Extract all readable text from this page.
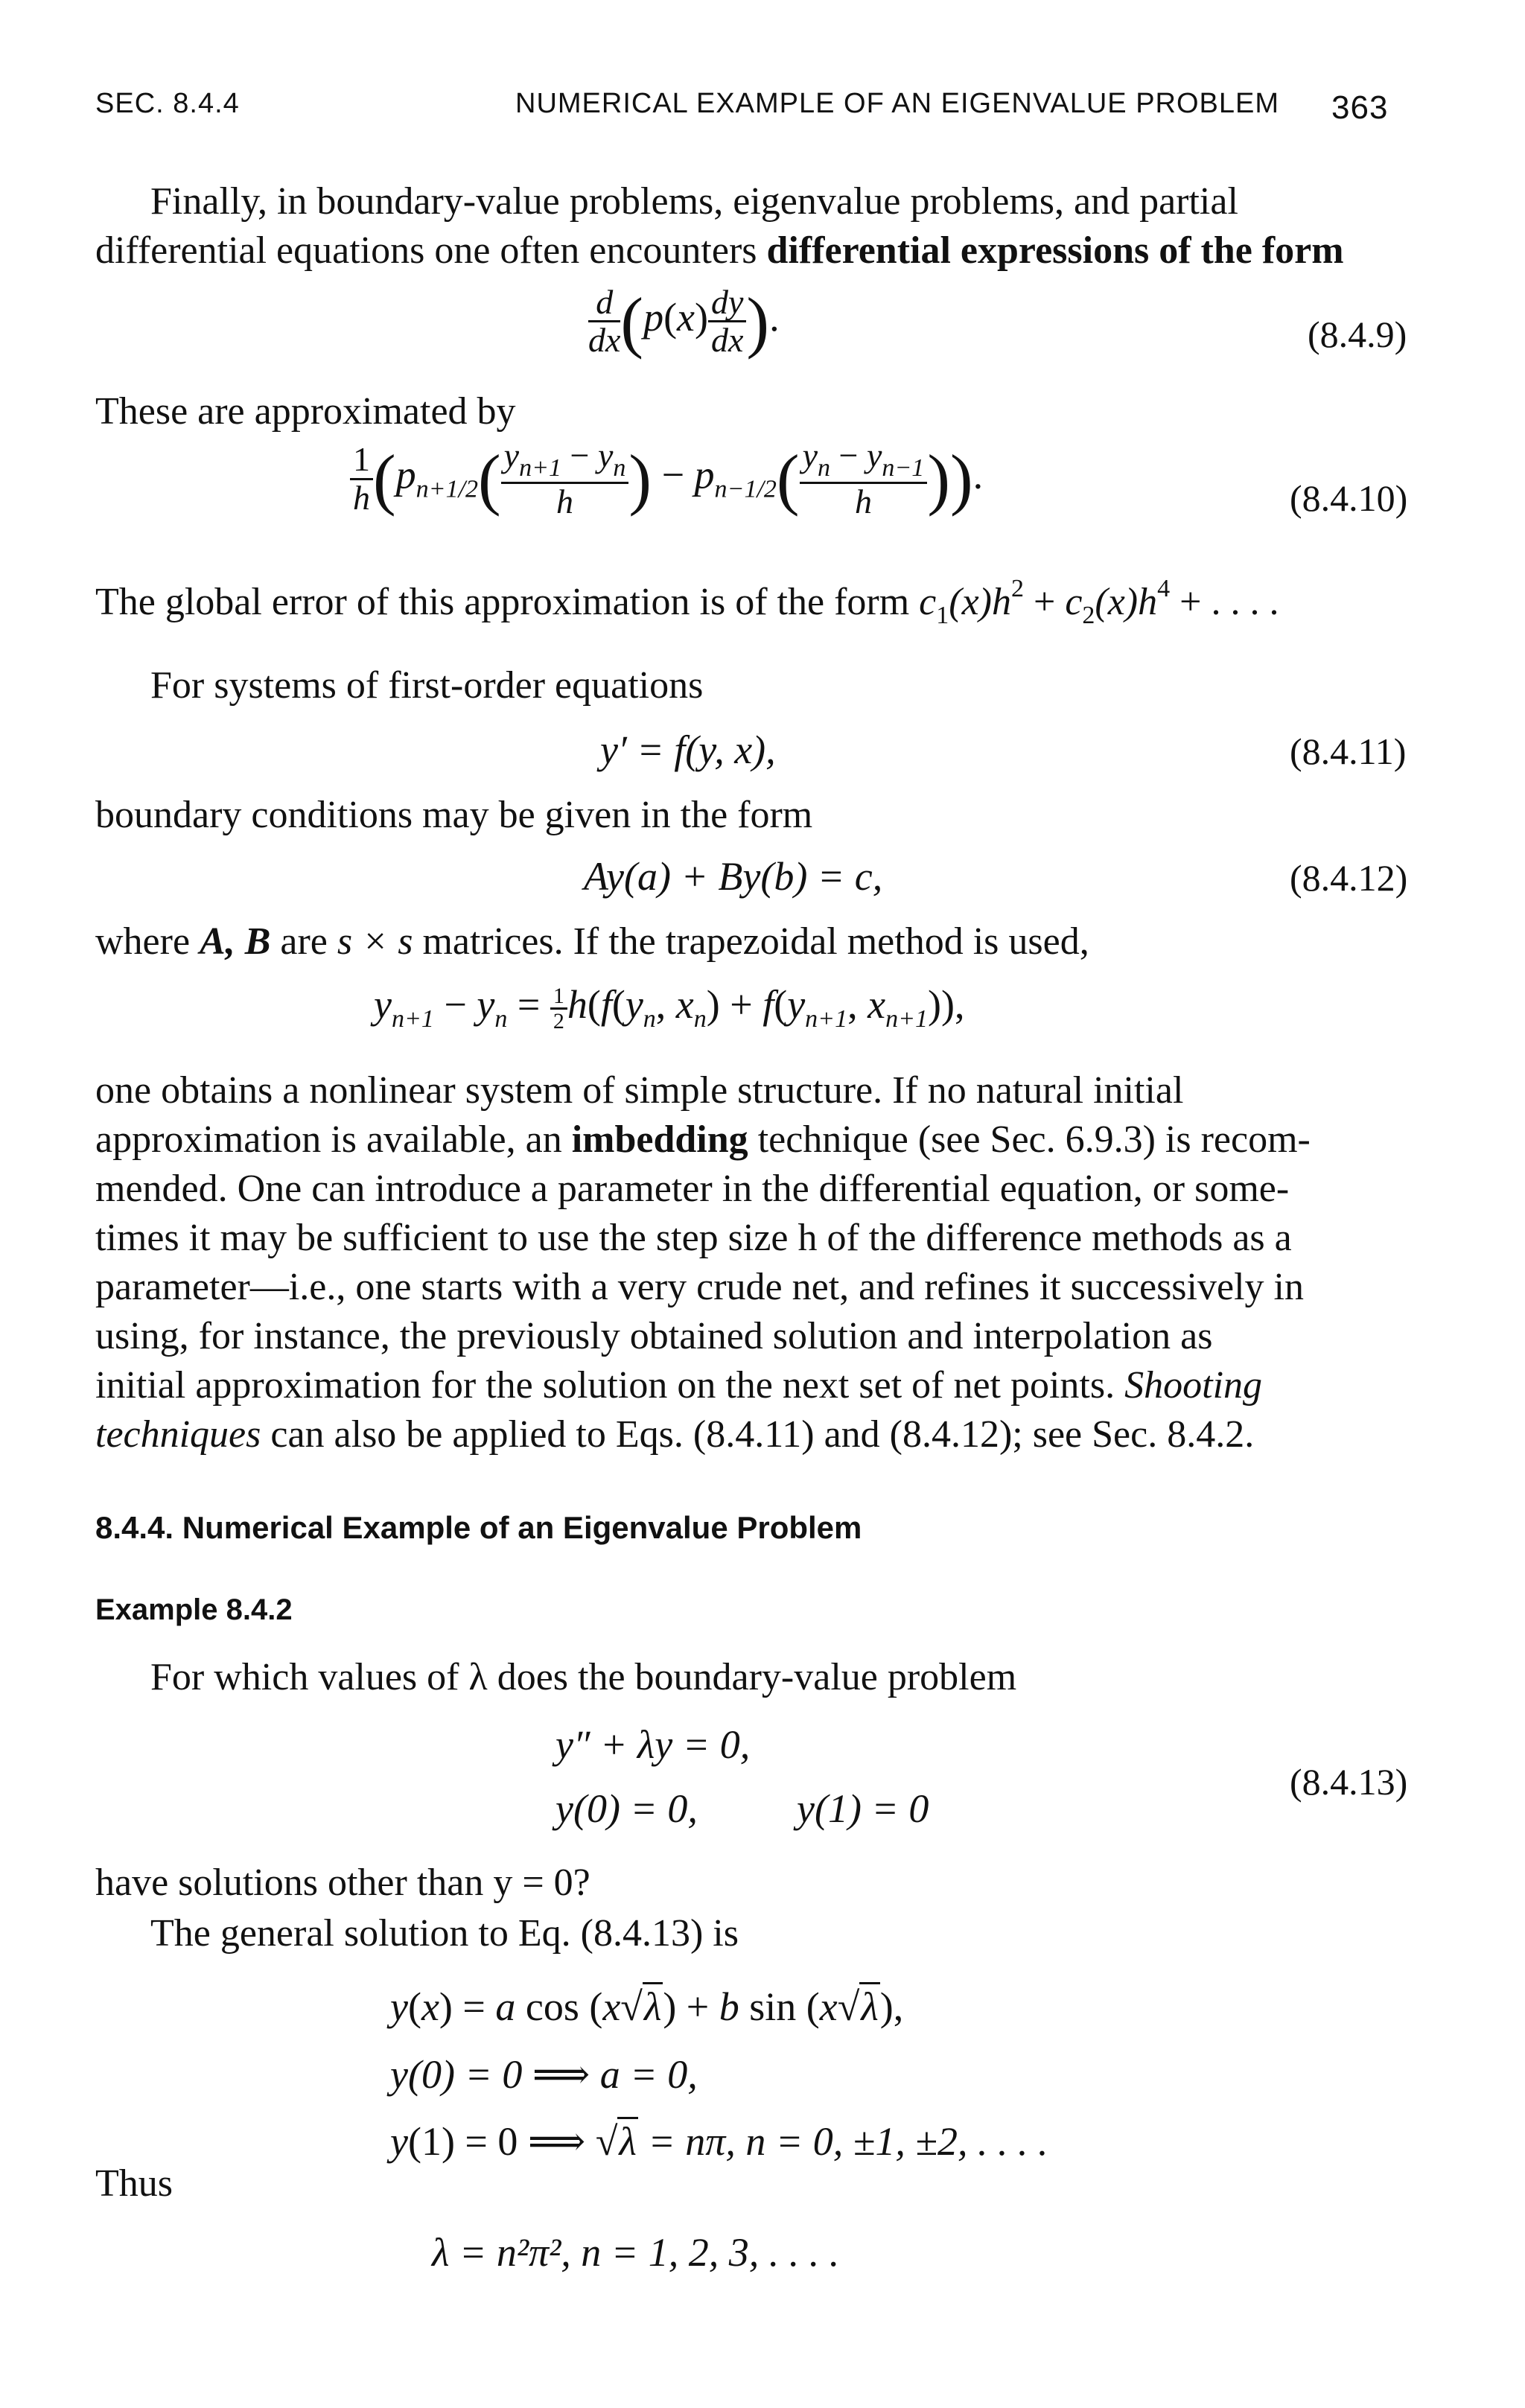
SEC. 8.4.4	NUMERICAL EXAMPLE OF AN EIGENVALUE PROBLEM 363
Finally, in boundary-value problems, eigenvalue problems, and partial
differential equations one often encounters differential expressions of the form
$\frac{d}{dx} (p(x) \frac{dy}{dx}$ ).	(8.4.9)
These are approximated by
$\frac{1}{h} (p_{n+1/2}( \frac{y_{n+1} - y_n}{h}$ ) − $p_{n-1/2}( \frac{y_n - y_{n-1}}{h}$ )).
(8.4.10)
The global error of this approximation is of the form $c_1(x)h^2 + c_2(x)h^4$ + . . . .
For systems of first-order equations
y′ = f(y, x),	(8.4.11)
boundary conditions may be given in the form
Ay(a) + By(b) = c,	(8.4.12)
where A, B are s × s matrices. If the trapezoidal method is used,
$y_{n+1} - y_n = \frac{1}{2} h(f(y_n$, $x_n) + f(y_{n+1}$, $x_{n+1}$)),
one obtains a nonlinear system of simple structure. If no natural initial
approximation is available, an imbedding technique (see Sec. 6.9.3) is recom-
mended. One can introduce a parameter in the differential equation, or some-
times it may be sufficient to use the step size h of the difference methods as a
parameter—i.e., one starts with a very crude net, and refines it successively in
using, for instance, the previously obtained solution and interpolation as
initial approximation for the solution on the next set of net points. Shooting
techniques can also be applied to Eqs. (8.4.11) and (8.4.12); see Sec. 8.4.2.
8.4.4. Numerical Example of an Eigenvalue Problem
Example 8.4.2
For which values of λ does the boundary-value problem
y″ + λy = 0,
y(0) = 0, y(1) = 0
(8.4.13)
have solutions other than y = 0?
The general solution to Eq. (8.4.13) is
y(x) = a cos (x√λ) + b sin (x√λ),
y(0) = 0 ⟹ a = 0,
y(1) = 0 ⟹ √λ = nπ, n = 0, ±1, ±2, . . . .
Thus
λ = n²π², n = 1, 2, 3, . . . .
